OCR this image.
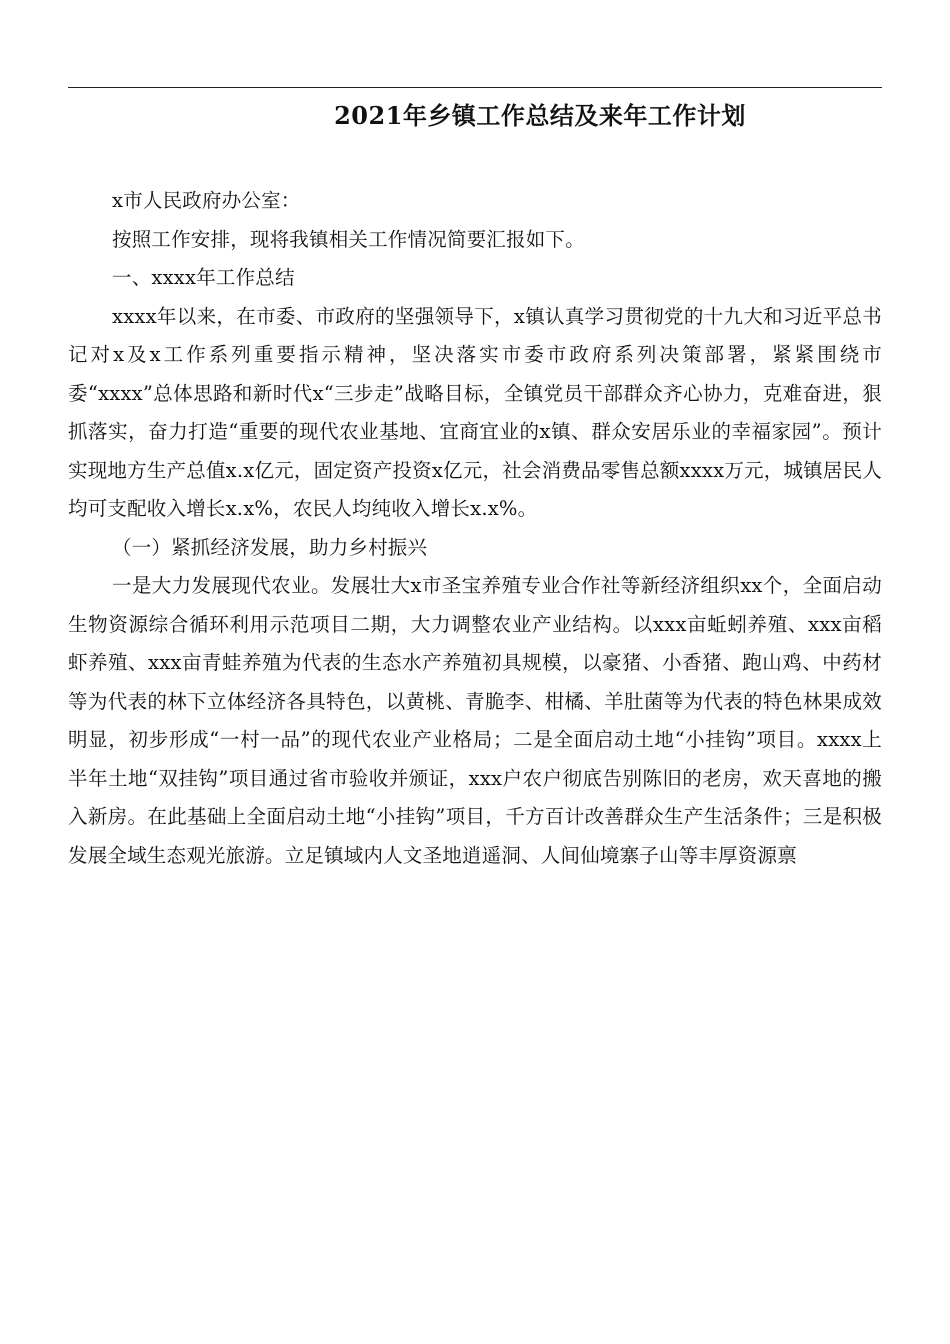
2021年乡镇工作总结及来年工作计划

x市人民政府办公室：

按照工作安排，现将我镇相关工作情况简要汇报如下。

一、xxxx年工作总结

xxxx年以来，在市委、市政府的坚强领导下，x镇认真学习贯彻党的十九大和习近平总书记对x及x工作系列重要指示精神，坚决落实市委市政府系列决策部署，紧紧围绕市委“xxxx”总体思路和新时代x“三步走”战略目标，全镇党员干部群众齐心协力，克难奋进，狠抓落实，奋力打造“重要的现代农业基地、宜商宜业的x镇、群众安居乐业的幸福家园”。预计实现地方生产总值x.x亿元，固定资产投资x亿元，社会消费品零售总额xxxx万元，城镇居民人均可支配收入增长x.x%，农民人均纯收入增长x.x%。

（一）紧抓经济发展，助力乡村振兴

一是大力发展现代农业。发展壮大x市圣宝养殖专业合作社等新经济组织xx个，全面启动生物资源综合循环利用示范项目二期，大力调整农业产业结构。以xxx亩蚯蚓养殖、xxx亩稻虾养殖、xxx亩青蛙养殖为代表的生态水产养殖初具规模，以豪猪、小香猪、跑山鸡、中药材等为代表的林下立体经济各具特色，以黄桃、青脆李、柑橘、羊肚菌等为代表的特色林果成效明显，初步形成“一村一品”的现代农业产业格局；二是全面启动土地“小挂钩”项目。xxxx上半年土地“双挂钩”项目通过省市验收并颁证，xxx户农户彻底告别陈旧的老房，欢天喜地的搬入新房。在此基础上全面启动土地“小挂钩”项目，千方百计改善群众生产生活条件；三是积极发展全域生态观光旅游。立足镇域内人文圣地逍遥洞、人间仙境寨子山等丰厚资源禀
